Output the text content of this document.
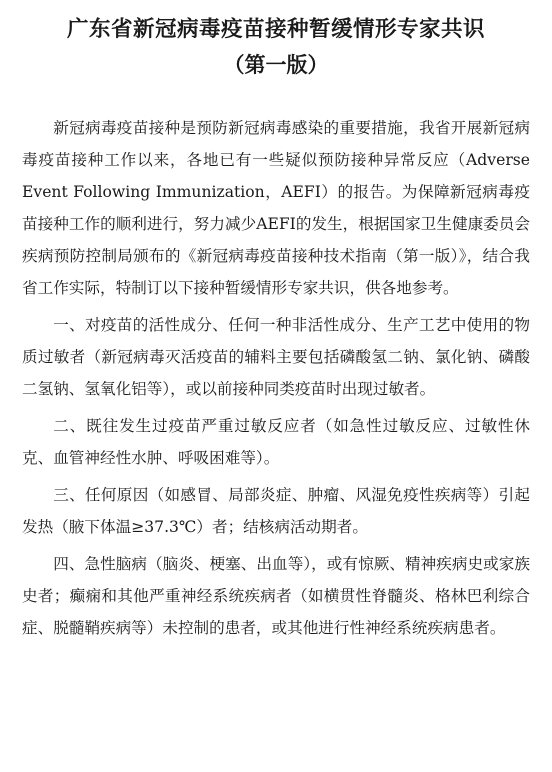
广东省新冠病毒疫苗接种暂缓情形专家共识
（第一版）

新冠病毒疫苗接种是预防新冠病毒感染的重要措施，我省开展新冠病毒疫苗接种工作以来，各地已有一些疑似预防接种异常反应（Adverse Event Following Immunization，AEFI）的报告。为保障新冠病毒疫苗接种工作的顺利进行，努力减少AEFI的发生，根据国家卫生健康委员会疾病预防控制局颁布的《新冠病毒疫苗接种技术指南（第一版）》，结合我省工作实际，特制订以下接种暂缓情形专家共识，供各地参考。

一、对疫苗的活性成分、任何一种非活性成分、生产工艺中使用的物质过敏者（新冠病毒灭活疫苗的辅料主要包括磷酸氢二钠、氯化钠、磷酸二氢钠、氢氧化铝等），或以前接种同类疫苗时出现过敏者。

二、既往发生过疫苗严重过敏反应者（如急性过敏反应、过敏性休克、血管神经性水肿、呼吸困难等）。

三、任何原因（如感冒、局部炎症、肿瘤、风湿免疫性疾病等）引起发热（腋下体温≥37.3℃）者；结核病活动期者。

四、急性脑病（脑炎、梗塞、出血等），或有惊厥、精神疾病史或家族史者；癫痫和其他严重神经系统疾病者（如横贯性脊髓炎、格林巴利综合症、脱髓鞘疾病等）未控制的患者，或其他进行性神经系统疾病患者。
